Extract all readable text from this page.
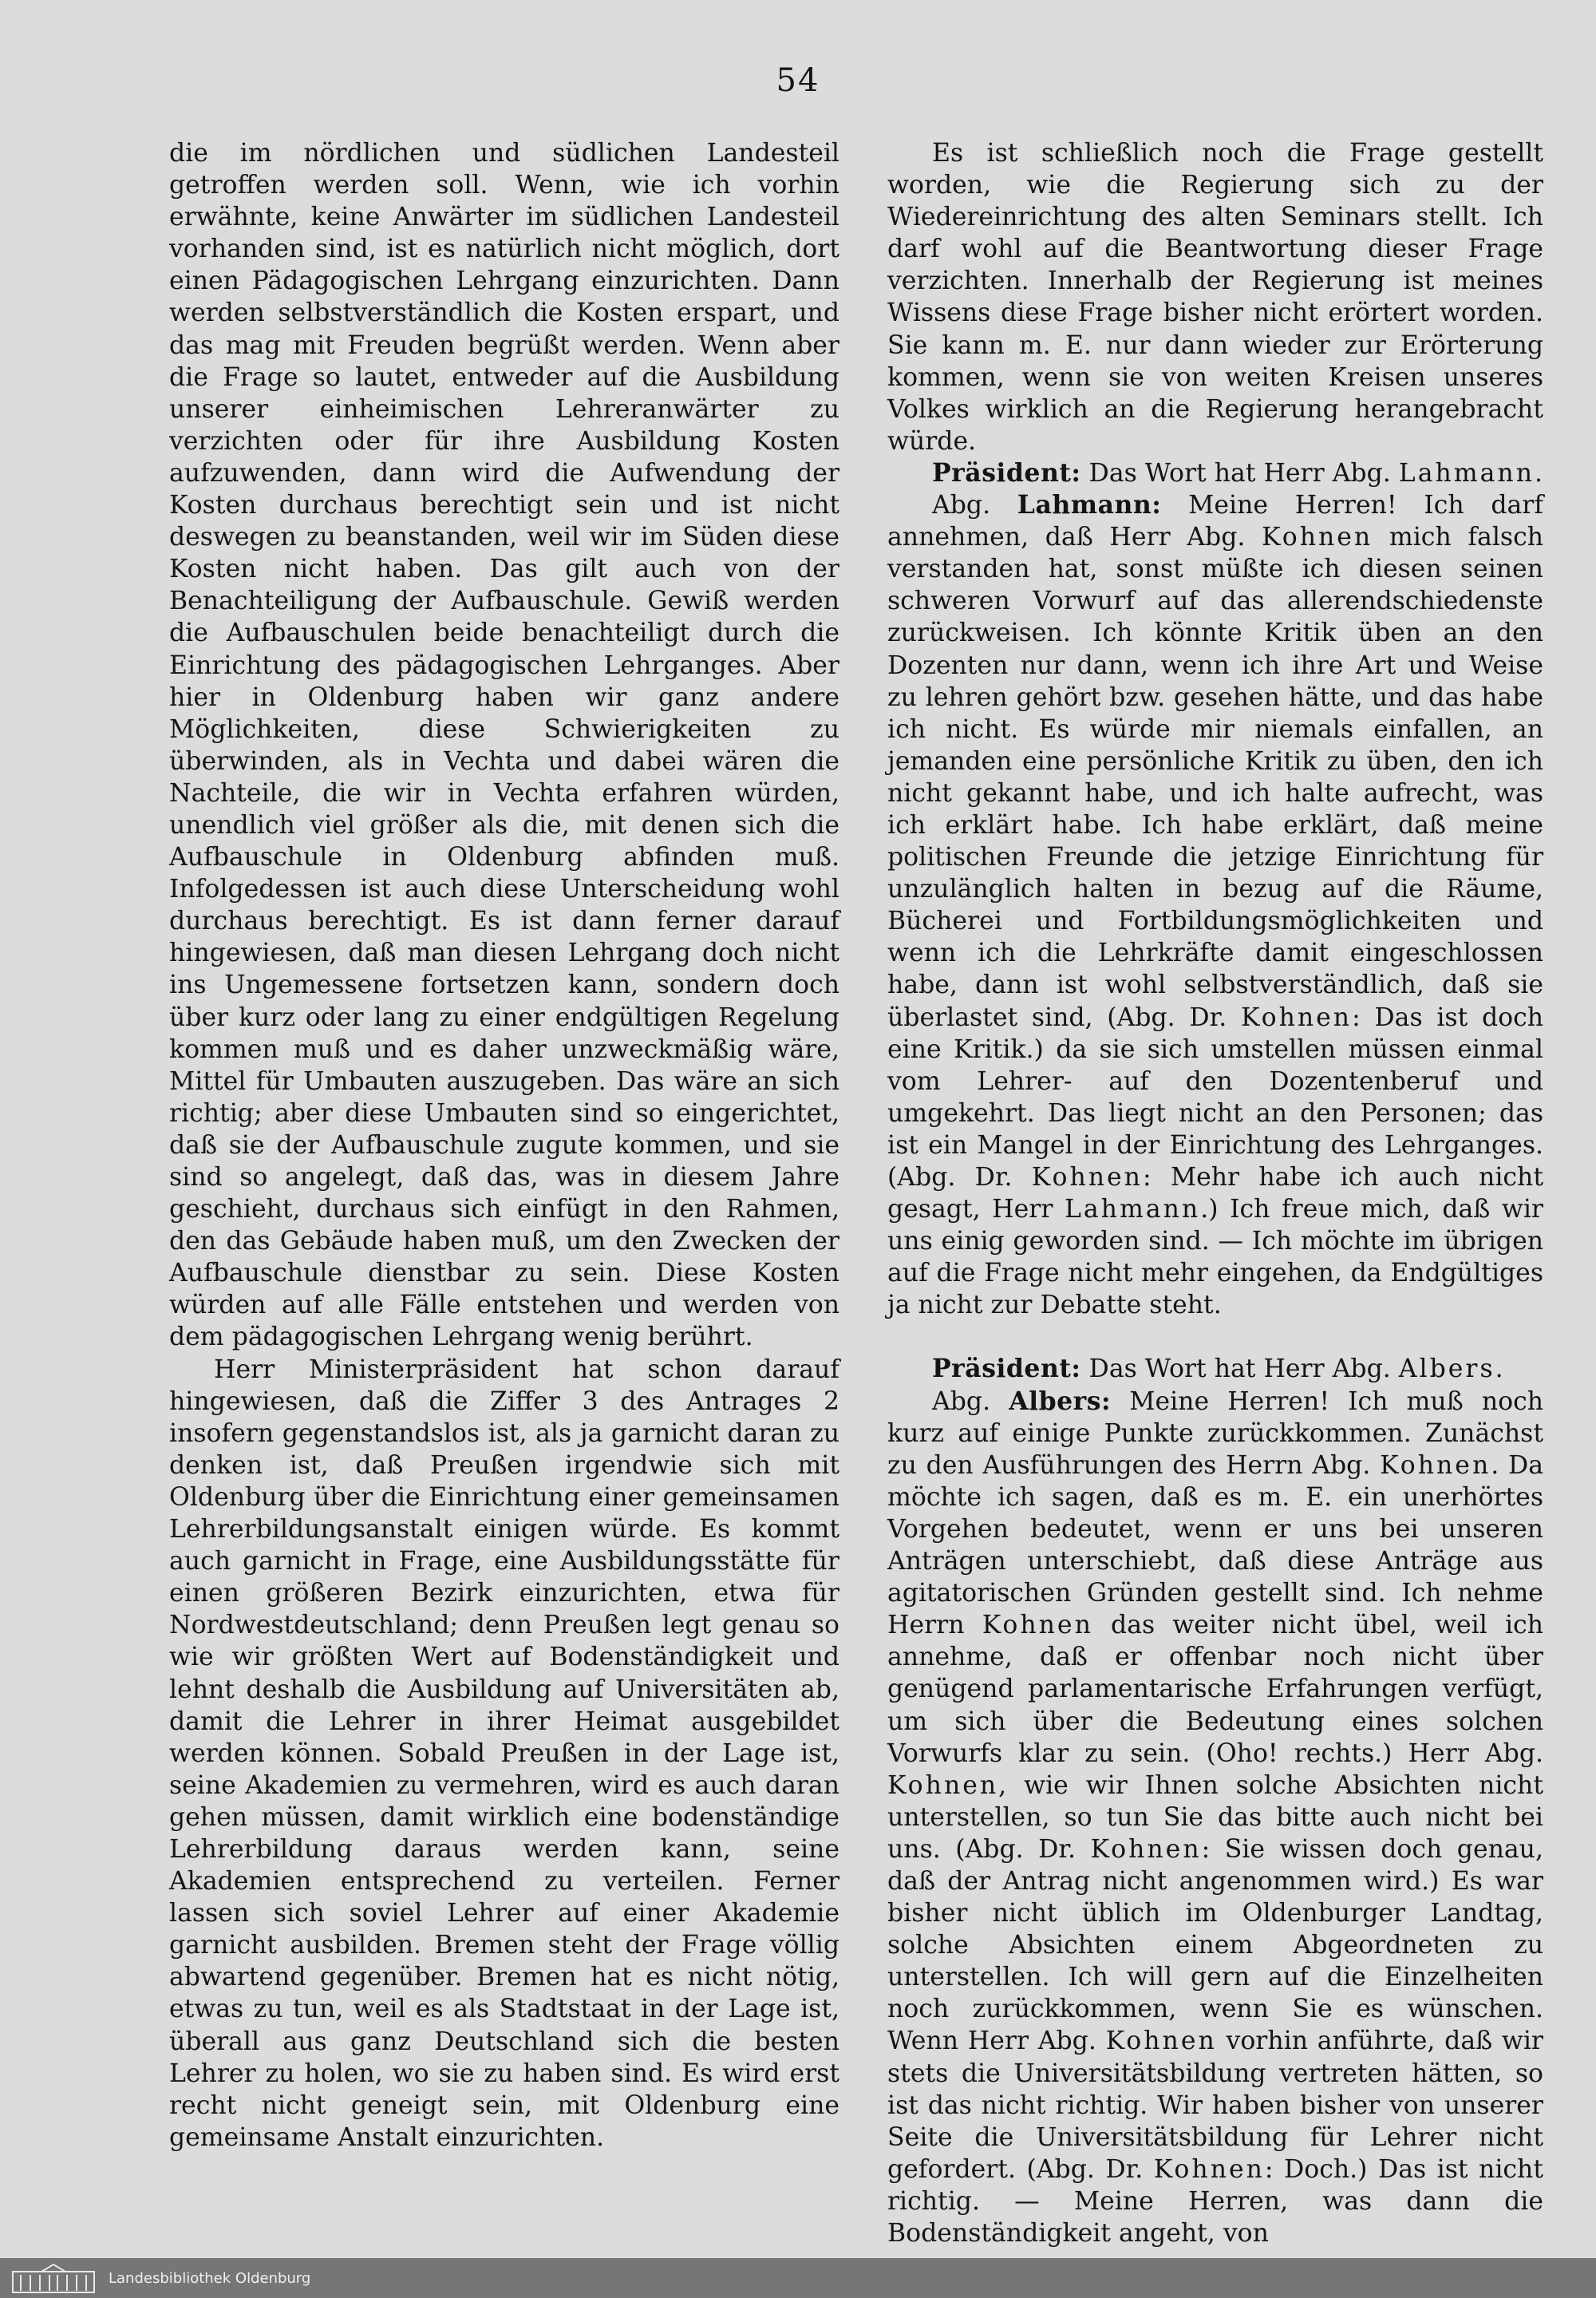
54

die im nördlichen und südlichen Landesteil getroffen werden soll. Wenn, wie ich vorhin erwähnte, keine Anwärter im südlichen Landesteil vorhanden sind, ist es natürlich nicht möglich, dort einen Pädagogischen Lehrgang einzurichten. Dann werden selbstverständlich die Kosten erspart, und das mag mit Freuden begrüßt werden. Wenn aber die Frage so lautet, entweder auf die Ausbildung unserer einheimischen Lehreranwärter zu verzichten oder für ihre Ausbildung Kosten aufzuwenden, dann wird die Aufwendung der Kosten durchaus berechtigt sein und ist nicht deswegen zu beanstanden, weil wir im Süden diese Kosten nicht haben. Das gilt auch von der Benachteiligung der Aufbauschule. Gewiß werden die Aufbauschulen beide benachteiligt durch die Einrichtung des pädagogischen Lehrganges. Aber hier in Oldenburg haben wir ganz andere Möglichkeiten, diese Schwierigkeiten zu überwinden, als in Vechta und dabei wären die Nachteile, die wir in Vechta erfahren würden, unendlich viel größer als die, mit denen sich die Aufbauschule in Oldenburg abfinden muß. Infolgedessen ist auch diese Unterscheidung wohl durchaus berechtigt. Es ist dann ferner darauf hingewiesen, daß man diesen Lehrgang doch nicht ins Ungemessene fortsetzen kann, sondern doch über kurz oder lang zu einer endgültigen Regelung kommen muß und es daher unzweckmäßig wäre, Mittel für Umbauten auszugeben. Das wäre an sich richtig; aber diese Umbauten sind so eingerichtet, daß sie der Aufbauschule zugute kommen, und sie sind so angelegt, daß das, was in diesem Jahre geschieht, durchaus sich einfügt in den Rahmen, den das Gebäude haben muß, um den Zwecken der Aufbauschule dienstbar zu sein. Diese Kosten würden auf alle Fälle entstehen und werden von dem pädagogischen Lehrgang wenig berührt.

Herr Ministerpräsident hat schon darauf hingewiesen, daß die Ziffer 3 des Antrages 2 insofern gegenstandslos ist, als ja garnicht daran zu denken ist, daß Preußen irgendwie sich mit Oldenburg über die Einrichtung einer gemeinsamen Lehrerbildungsanstalt einigen würde. Es kommt auch garnicht in Frage, eine Ausbildungsstätte für einen größeren Bezirk einzurichten, etwa für Nordwestdeutschland; denn Preußen legt genau so wie wir größten Wert auf Bodenständigkeit und lehnt deshalb die Ausbildung auf Universitäten ab, damit die Lehrer in ihrer Heimat ausgebildet werden können. Sobald Preußen in der Lage ist, seine Akademien zu vermehren, wird es auch daran gehen müssen, damit wirklich eine bodenständige Lehrerbildung daraus werden kann, seine Akademien entsprechend zu verteilen. Ferner lassen sich soviel Lehrer auf einer Akademie garnicht ausbilden. Bremen steht der Frage völlig abwartend gegenüber. Bremen hat es nicht nötig, etwas zu tun, weil es als Stadtstaat in der Lage ist, überall aus ganz Deutschland sich die besten Lehrer zu holen, wo sie zu haben sind. Es wird erst recht nicht geneigt sein, mit Oldenburg eine gemeinsame Anstalt einzurichten.

Es ist schließlich noch die Frage gestellt worden, wie die Regierung sich zu der Wiedereinrichtung des alten Seminars stellt. Ich darf wohl auf die Beantwortung dieser Frage verzichten. Innerhalb der Regierung ist meines Wissens diese Frage bisher nicht erörtert worden. Sie kann m. E. nur dann wieder zur Erörterung kommen, wenn sie von weiten Kreisen unseres Volkes wirklich an die Regierung herangebracht würde.

Präsident: Das Wort hat Herr Abg. Lahmann.

Abg. Lahmann: Meine Herren! Ich darf annehmen, daß Herr Abg. Kohnen mich falsch verstanden hat, sonst müßte ich diesen seinen schweren Vorwurf auf das allerendschiedenste zurückweisen. Ich könnte Kritik üben an den Dozenten nur dann, wenn ich ihre Art und Weise zu lehren gehört bzw. gesehen hätte, und das habe ich nicht. Es würde mir niemals einfallen, an jemanden eine persönliche Kritik zu üben, den ich nicht gekannt habe, und ich halte aufrecht, was ich erklärt habe. Ich habe erklärt, daß meine politischen Freunde die jetzige Einrichtung für unzulänglich halten in bezug auf die Räume, Bücherei und Fortbildungsmöglichkeiten und wenn ich die Lehrkräfte damit eingeschlossen habe, dann ist wohl selbstverständlich, daß sie überlastet sind, (Abg. Dr. Kohnen: Das ist doch eine Kritik.) da sie sich umstellen müssen einmal vom Lehrer- auf den Dozentenberuf und umgekehrt. Das liegt nicht an den Personen; das ist ein Mangel in der Einrichtung des Lehrganges. (Abg. Dr. Kohnen: Mehr habe ich auch nicht gesagt, Herr Lahmann.) Ich freue mich, daß wir uns einig geworden sind. — Ich möchte im übrigen auf die Frage nicht mehr eingehen, da Endgültiges ja nicht zur Debatte steht.

Präsident: Das Wort hat Herr Abg. Albers.

Abg. Albers: Meine Herren! Ich muß noch kurz auf einige Punkte zurückkommen. Zunächst zu den Ausführungen des Herrn Abg. Kohnen. Da möchte ich sagen, daß es m. E. ein unerhörtes Vorgehen bedeutet, wenn er uns bei unseren Anträgen unterschiebt, daß diese Anträge aus agitatorischen Gründen gestellt sind. Ich nehme Herrn Kohnen das weiter nicht übel, weil ich annehme, daß er offenbar noch nicht über genügend parlamentarische Erfahrungen verfügt, um sich über die Bedeutung eines solchen Vorwurfs klar zu sein. (Oho! rechts.) Herr Abg. Kohnen, wie wir Ihnen solche Absichten nicht unterstellen, so tun Sie das bitte auch nicht bei uns. (Abg. Dr. Kohnen: Sie wissen doch genau, daß der Antrag nicht angenommen wird.) Es war bisher nicht üblich im Oldenburger Landtag, solche Absichten einem Abgeordneten zu unterstellen. Ich will gern auf die Einzelheiten noch zurückkommen, wenn Sie es wünschen. Wenn Herr Abg. Kohnen vorhin anführte, daß wir stets die Universitätsbildung vertreten hätten, so ist das nicht richtig. Wir haben bisher von unserer Seite die Universitätsbildung für Lehrer nicht gefordert. (Abg. Dr. Kohnen: Doch.) Das ist nicht richtig. — Meine Herren, was dann die Bodenständigkeit angeht, von

Landesbibliothek Oldenburg
